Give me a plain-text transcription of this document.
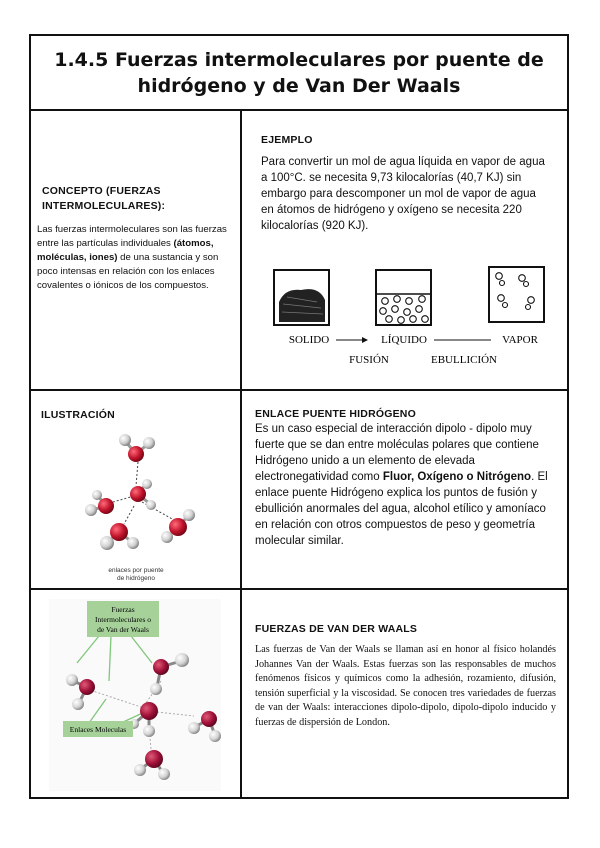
1.4.5 Fuerzas intermoleculares por puente de
hidrógeno y de Van Der Waals
CONCEPTO (FUERZAS
INTERMOLECULARES):
Las fuerzas intermoleculares son las fuerzas entre las partículas individuales (átomos, moléculas, iones) de una sustancia y son poco intensas en relación con los enlaces covalentes o iónicos de los compuestos.
EJEMPLO
Para convertir un mol de agua líquida en vapor de agua a 100°C. se necesita 9,73 kilocalorías (40,7 KJ) sin embargo para descomponer un mol de vapor de agua en átomos de hidrógeno y oxígeno se necesita 220 kilocalorías (920 KJ).
SOLIDO	LÍQUIDO	VAPOR
FUSIÓN	EBULLICIÓN
ILUSTRACIÓN
enlaces por puente
de hidrógeno
ENLACE PUENTE HIDRÓGENO
Es un caso especial de interacción dipolo - dipolo muy fuerte que se dan entre moléculas polares que contiene Hidrógeno unido a un elemento de elevada electronegatividad como Fluor, Oxígeno o Nitrógeno. El enlace puente Hidrógeno explica los puntos de fusión y ebullición anormales del agua, alcohol etílico y amoníaco en relación con otros compuestos de peso y geometría molecular similar.
Fuerzas
Intermoleculares o
de Van der Waals
Enlaces Moleculas
FUERZAS DE VAN DER WAALS
Las fuerzas de Van der Waals se llaman así en honor al físico holandés Johannes Van der Waals. Estas fuerzas son las responsables de muchos fenómenos físicos y químicos como la adhesión, rozamiento, difusión, tensión superficial y la viscosidad. Se conocen tres variedades de fuerzas de van der Waals: interacciones dipolo-dipolo, dipolo-dipolo inducido y fuerzas de dispersión de London.
